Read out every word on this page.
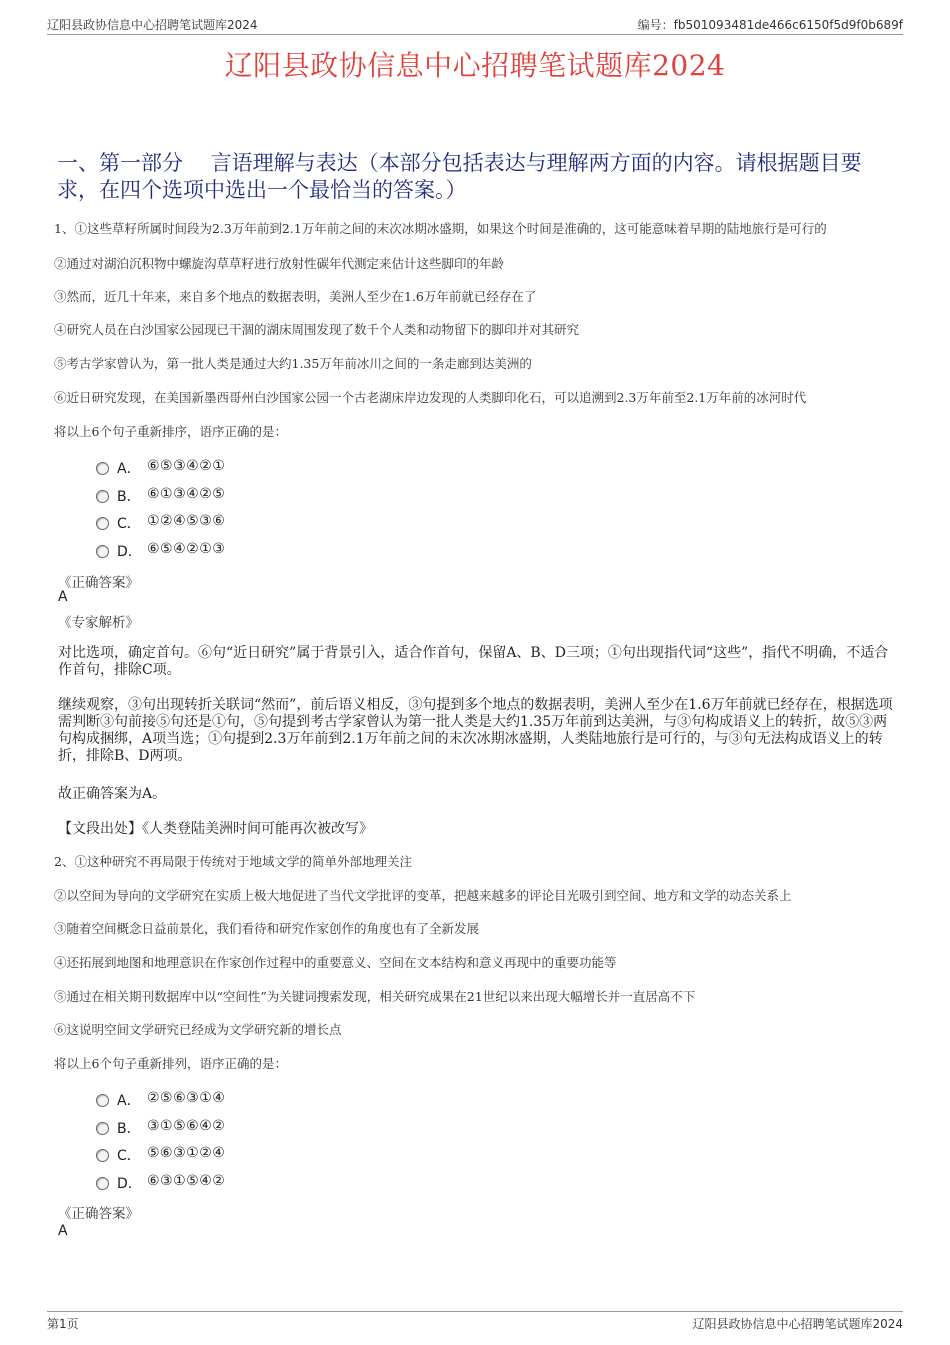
辽阳县政协信息中心招聘笔试题库2024	编号：fb501093481de466c6150f5d9f0b689f
辽阳县政协信息中心招聘笔试题库2024
一、第一部分　 言语理解与表达（本部分包括表达与理解两方面的内容。请根据题目要求，在四个选项中选出一个最恰当的答案。）
1、①这些草籽所属时间段为2.3万年前到2.1万年前之间的末次冰期冰盛期，如果这个时间是准确的，这可能意味着早期的陆地旅行是可行的
②通过对湖泊沉积物中螺旋沟草草籽进行放射性碳年代测定来估计这些脚印的年龄
③然而，近几十年来，来自多个地点的数据表明，美洲人至少在1.6万年前就已经存在了
④研究人员在白沙国家公园现已干涸的湖床周围发现了数千个人类和动物留下的脚印并对其研究
⑤考古学家曾认为，第一批人类是通过大约1.35万年前冰川之间的一条走廊到达美洲的
⑥近日研究发现，在美国新墨西哥州白沙国家公园一个古老湖床岸边发现的人类脚印化石，可以追溯到2.3万年前至2.1万年前的冰河时代
将以上6个句子重新排序，语序正确的是：
A． ⑥⑤③④②①
B． ⑥①③④②⑤
C． ①②④⑤③⑥
D． ⑥⑤④②①③
《正确答案》
A
《专家解析》
对比选项，确定首句。⑥句“近日研究”属于背景引入，适合作首句，保留A、B、D三项；①句出现指代词“这些”，指代不明确，不适合作首句，排除C项。
继续观察，③句出现转折关联词“然而”，前后语义相反，③句提到多个地点的数据表明，美洲人至少在1.6万年前就已经存在，根据选项需判断③句前接⑤句还是①句，⑤句提到考古学家曾认为第一批人类是大约1.35万年前到达美洲，与③句构成语义上的转折，故⑤③两句构成捆绑，A项当选；①句提到2.3万年前到2.1万年前之间的末次冰期冰盛期，人类陆地旅行是可行的，与③句无法构成语义上的转折，排除B、D两项。
故正确答案为A。
【文段出处】《人类登陆美洲时间可能再次被改写》
2、①这种研究不再局限于传统对于地域文学的简单外部地理关注
②以空间为导向的文学研究在实质上极大地促进了当代文学批评的变革，把越来越多的评论目光吸引到空间、地方和文学的动态关系上
③随着空间概念日益前景化，我们看待和研究作家创作的角度也有了全新发展
④还拓展到地图和地理意识在作家创作过程中的重要意义、空间在文本结构和意义再现中的重要功能等
⑤通过在相关期刊数据库中以“空间性”为关键词搜索发现，相关研究成果在21世纪以来出现大幅增长并一直居高不下
⑥这说明空间文学研究已经成为文学研究新的增长点
将以上6个句子重新排列，语序正确的是：
A． ②⑤⑥③①④
B． ③①⑤⑥④②
C． ⑤⑥③①②④
D． ⑥③①⑤④②
《正确答案》
A
第1页	辽阳县政协信息中心招聘笔试题库2024
